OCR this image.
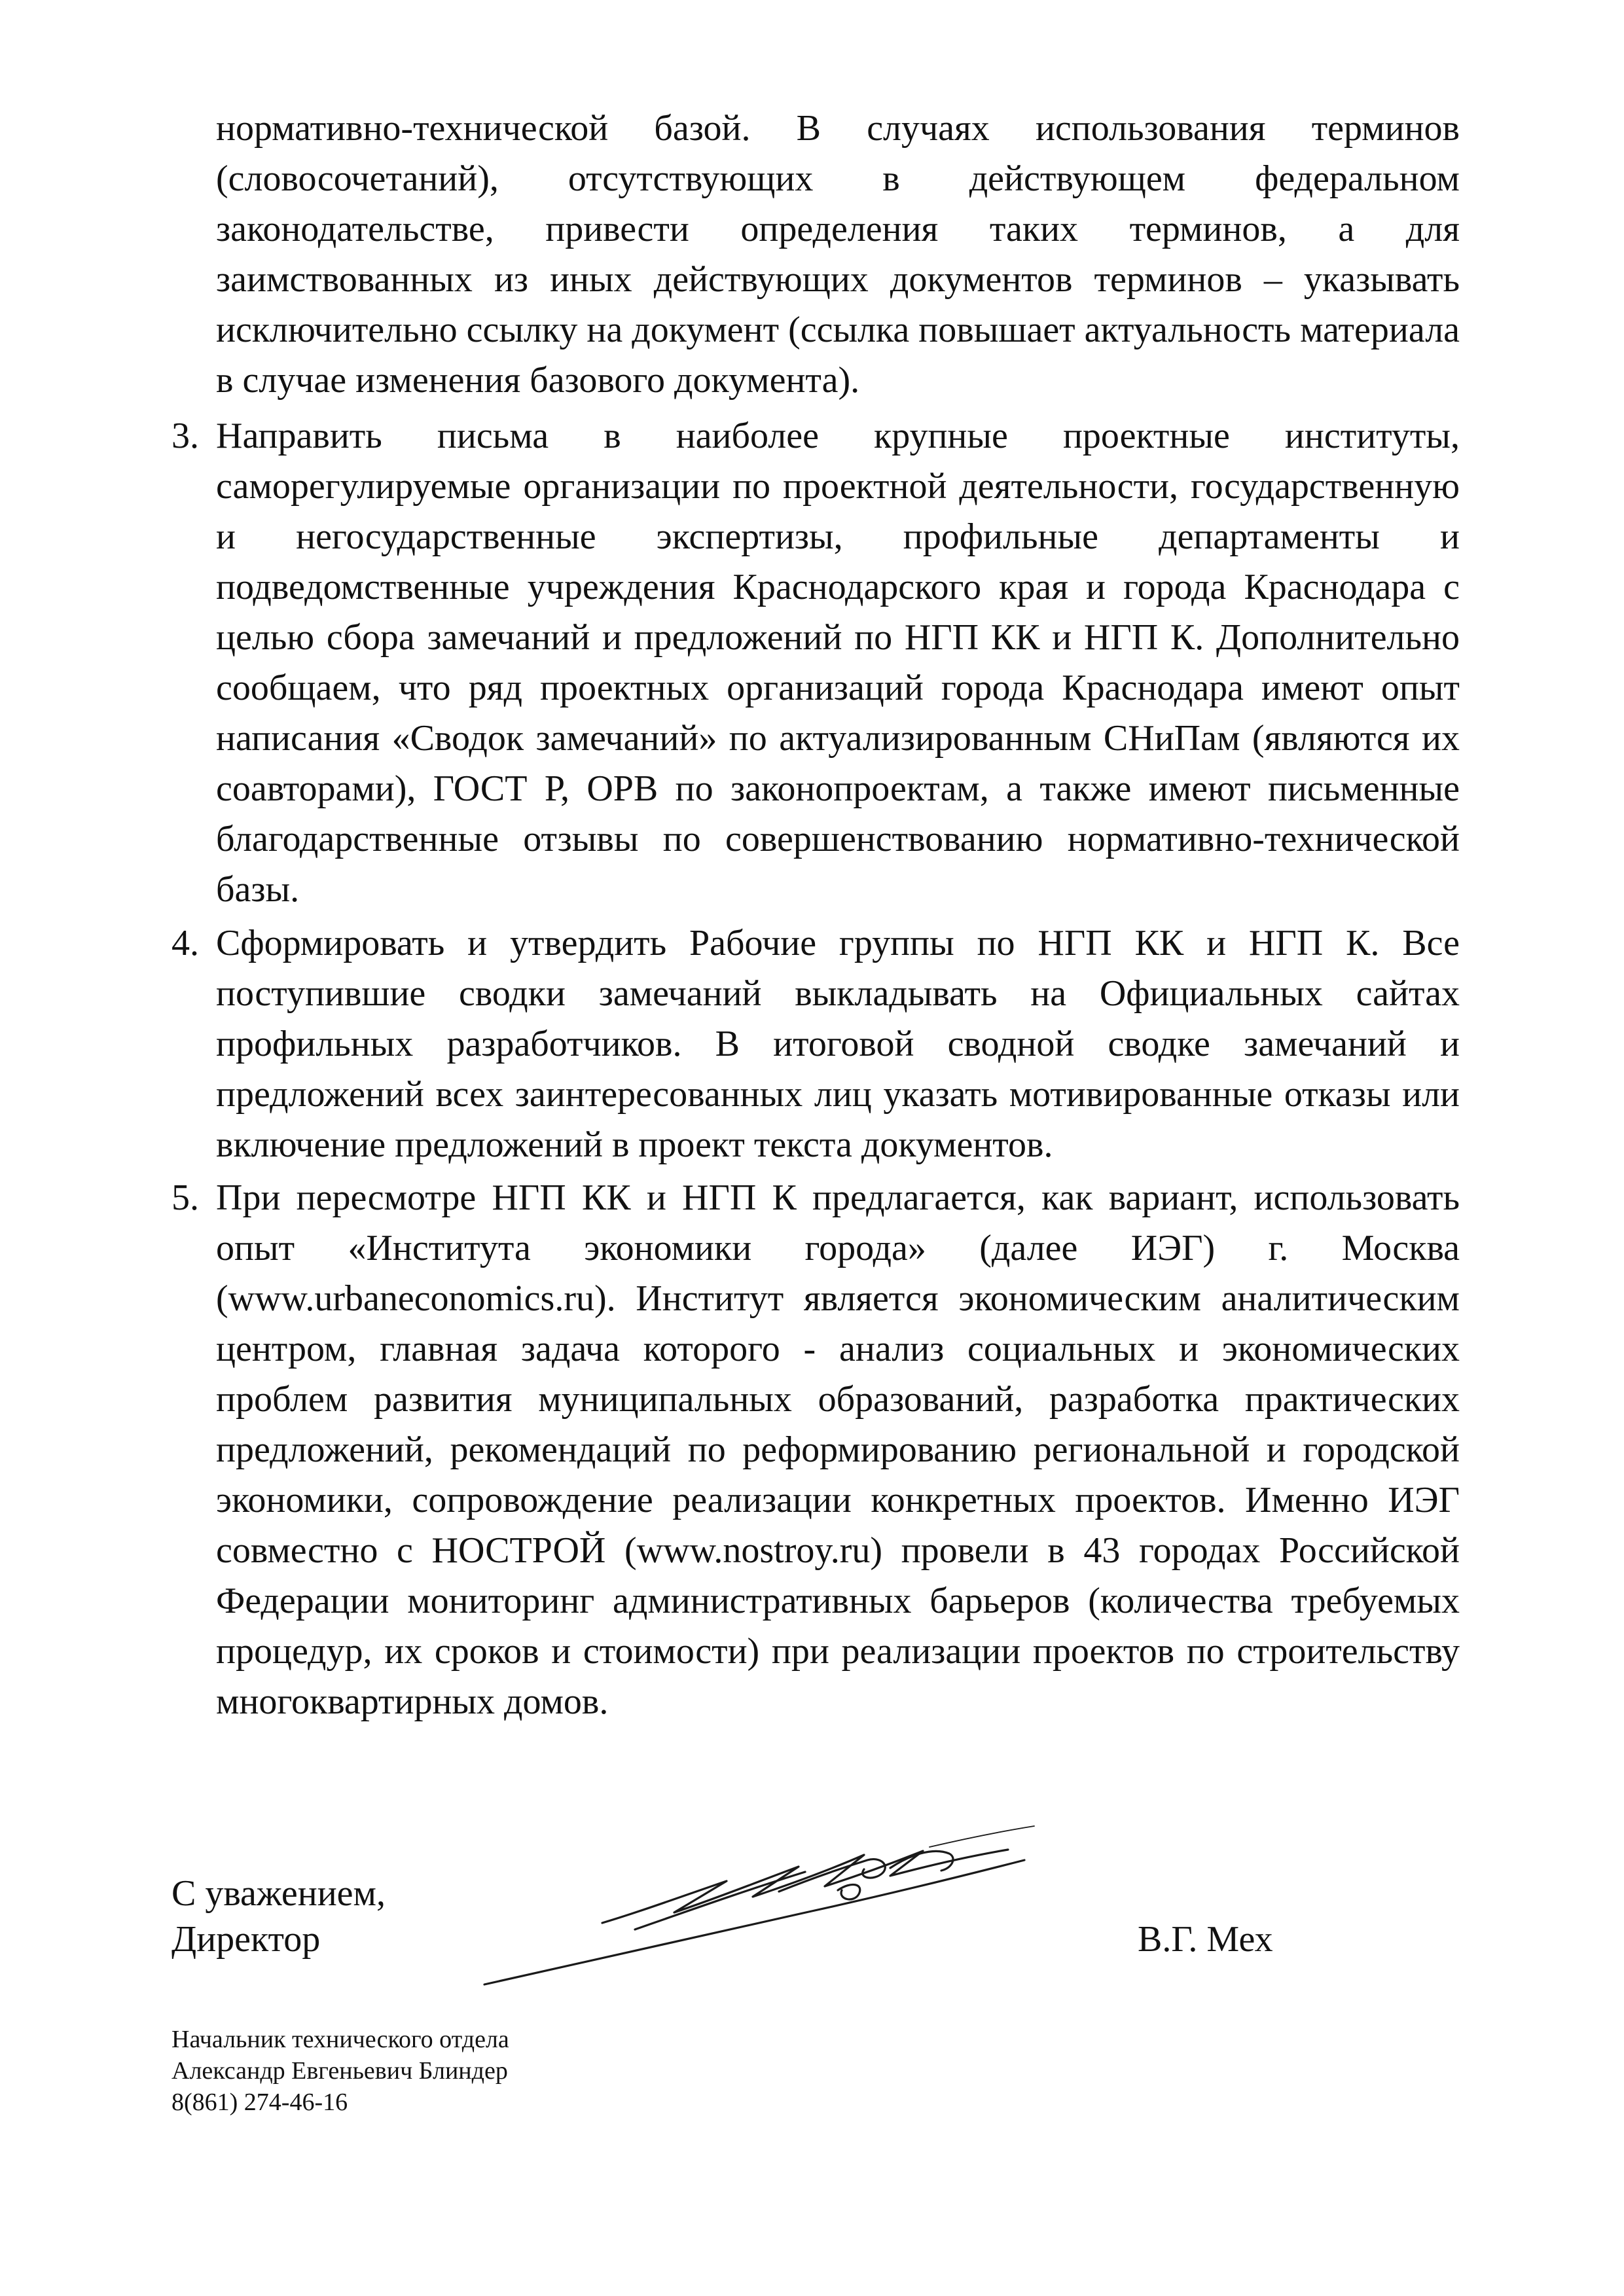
нормативно-технической базой. В случаях использования терминов (словосочетаний), отсутствующих в действующем федеральном законодательстве, привести определения таких терминов, а для заимствованных из иных действующих документов терминов – указывать исключительно ссылку на документ (ссылка повышает актуальность материала в случае изменения базового документа).

3. Направить письма в наиболее крупные проектные институты, саморегулируемые организации по проектной деятельности, государственную и негосударственные экспертизы, профильные департаменты и подведомственные учреждения Краснодарского края и города Краснодара с целью сбора замечаний и предложений по НГП КК и НГП К. Дополнительно сообщаем, что ряд проектных организаций города Краснодара имеют опыт написания «Сводок замечаний» по актуализированным СНиПам (являются их соавторами), ГОСТ Р, ОРВ по законопроектам, а также имеют письменные благодарственные отзывы по совершенствованию нормативно-технической базы.

4. Сформировать и утвердить Рабочие группы по НГП КК и НГП К. Все поступившие сводки замечаний выкладывать на Официальных сайтах профильных разработчиков. В итоговой сводной сводке замечаний и предложений всех заинтересованных лиц указать мотивированные отказы или включение предложений в проект текста документов.

5. При пересмотре НГП КК и НГП К предлагается, как вариант, использовать опыт «Института экономики города» (далее ИЭГ) г. Москва (www.urbaneconomics.ru). Институт является экономическим аналитическим центром, главная задача которого - анализ социальных и экономических проблем развития муниципальных образований, разработка практических предложений, рекомендаций по реформированию региональной и городской экономики, сопровождение реализации конкретных проектов. Именно ИЭГ совместно с НОСТРОЙ (www.nostroy.ru) провели в 43 городах Российской Федерации мониторинг административных барьеров (количества требуемых процедур, их сроков и стоимости) при реализации проектов по строительству многоквартирных домов.

С уважением,
Директор	В.Г. Мех
Начальник технического отдела
Александр Евгеньевич Блиндер
8(861) 274-46-16
